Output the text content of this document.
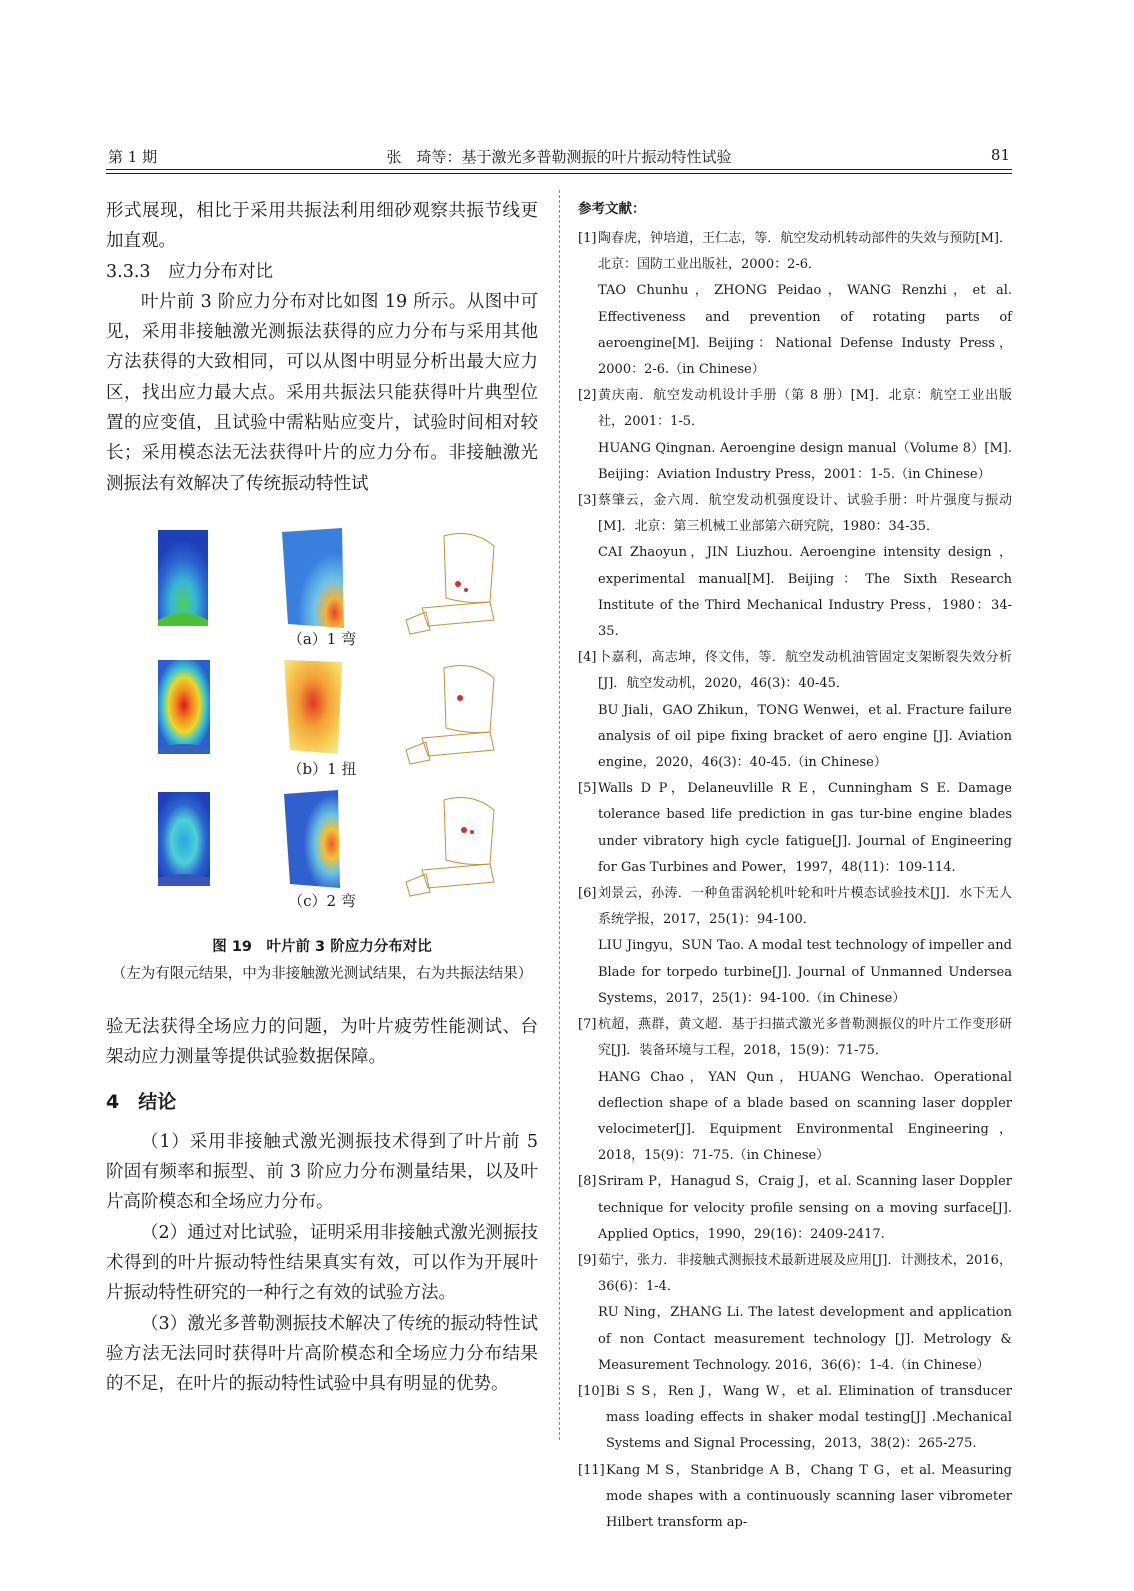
第 1 期	张　琦等：基于激光多普勒测振的叶片振动特性试验	81

形式展现，相比于采用共振法利用细砂观察共振节线更加直观。

3.3.3　应力分布对比

叶片前 3 阶应力分布对比如图 19 所示。从图中可见，采用非接触激光测振法获得的应力分布与采用其他方法获得的大致相同，可以从图中明显分析出最大应力区，找出应力最大点。采用共振法只能获得叶片典型位置的应变值，且试验中需粘贴应变片，试验时间相对较长；采用模态法无法获得叶片的应力分布。非接触激光测振法有效解决了传统振动特性试

（a）1 弯
（b）1 扭
（c）2 弯
图 19　叶片前 3 阶应力分布对比
（左为有限元结果，中为非接触激光测试结果，右为共振法结果）

验无法获得全场应力的问题，为叶片疲劳性能测试、台架动应力测量等提供试验数据保障。

4　结论

（1）采用非接触式激光测振技术得到了叶片前 5 阶固有频率和振型、前 3 阶应力分布测量结果，以及叶片高阶模态和全场应力分布。

（2）通过对比试验，证明采用非接触式激光测振技术得到的叶片振动特性结果真实有效，可以作为开展叶片振动特性研究的一种行之有效的试验方法。

（3）激光多普勒测振技术解决了传统的振动特性试验方法无法同时获得叶片高阶模态和全场应力分布结果的不足，在叶片的振动特性试验中具有明显的优势。

参考文献：
[1] 陶春虎，钟培道，王仁志，等．航空发动机转动部件的失效与预防[M]．北京：国防工业出版社，2000：2-6．

TAO Chunhu，ZHONG Peidao，WANG Renzhi，et al. Effectiveness and prevention of rotating parts of aeroengine[M]. Beijing：National Defense Industy Press，2000：2-6.（in Chinese）

[2] 黄庆南．航空发动机设计手册（第 8 册）[M]．北京：航空工业出版社，2001：1-5．

HUANG Qingnan. Aeroengine design manual（Volume 8）[M]. Beijing：Aviation Industry Press，2001：1-5.（in Chinese）

[3] 蔡肇云，金六周．航空发动机强度设计、试验手册：叶片强度与振动[M]．北京：第三机械工业部第六研究院，1980：34-35．

CAI Zhaoyun，JIN Liuzhou. Aeroengine intensity design ，experimental manual[M]. Beijing：The Sixth Research Institute of the Third Mechanical Industry Press，1980：34-35.

[4] 卜嘉利，高志坤，佟文伟，等．航空发动机油管固定支架断裂失效分析[J]．航空发动机，2020，46(3)：40-45．

BU Jiali，GAO Zhikun，TONG Wenwei，et al. Fracture failure analysis of oil pipe fixing bracket of aero engine [J]. Aviation engine，2020，46(3)：40-45.（in Chinese）

[5] Walls D P，Delaneuvlille R E，Cunningham S E. Damage tolerance based life prediction in gas tur-bine engine blades under vibratory high cycle fatigue[J]. Journal of Engineering for Gas Turbines and Power，1997，48(11)：109-114.

[6] 刘景云，孙涛．一种鱼雷涡轮机叶轮和叶片模态试验技术[J]．水下无人系统学报，2017，25(1)：94-100．

LIU Jingyu，SUN Tao. A modal test technology of impeller and Blade for torpedo turbine[J]. Journal of Unmanned Undersea Systems，2017，25(1)：94-100.（in Chinese）

[7] 杭超，燕群，黄文超．基于扫描式激光多普勒测振仪的叶片工作变形研究[J]．装备环境与工程，2018，15(9)：71-75．

HANG Chao，YAN Qun，HUANG Wenchao. Operational deflection shape of a blade based on scanning laser doppler velocimeter[J]. Equipment Environmental Engineering，2018，15(9)：71-75.（in Chinese）

[8] Sriram P，Hanagud S，Craig J，et al. Scanning laser Doppler technique for velocity profile sensing on a moving surface[J]. Applied Optics，1990，29(16)：2409-2417.

[9] 茹宁，张力．非接触式测振技术最新进展及应用[J]．计测技术，2016，36(6)：1-4．

RU Ning，ZHANG Li. The latest development and application of non Contact measurement technology [J]. Metrology & Measurement Technology. 2016，36(6)：1-4.（in Chinese）

[10] Bi S S，Ren J，Wang W，et al. Elimination of transducer mass loading effects in shaker modal testing[J] .Mechanical Systems and Signal Processing，2013，38(2)：265-275.

[11] Kang M S，Stanbridge A B，Chang T G，et al. Measuring mode shapes with a continuously scanning laser vibrometer Hilbert transform ap-
